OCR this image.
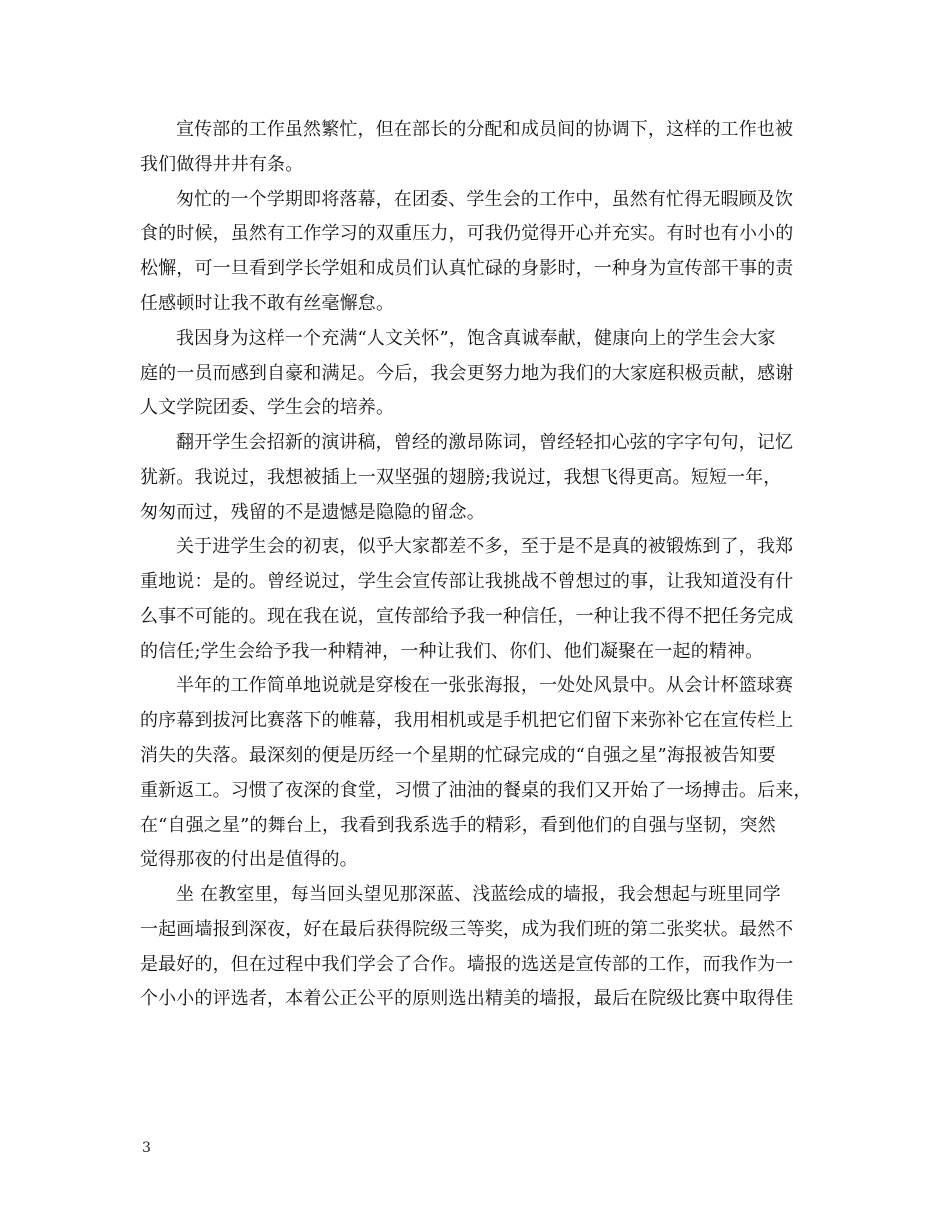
宣传部的工作虽然繁忙，但在部长的分配和成员间的协调下，这样的工作也被
我们做得井井有条。
匆忙的一个学期即将落幕，在团委、学生会的工作中，虽然有忙得无暇顾及饮
食的时候，虽然有工作学习的双重压力，可我仍觉得开心并充实。有时也有小小的
松懈，可一旦看到学长学姐和成员们认真忙碌的身影时，一种身为宣传部干事的责
任感顿时让我不敢有丝毫懈怠。
我因身为这样一个充满“人文关怀”，饱含真诚奉献，健康向上的学生会大家
庭的一员而感到自豪和满足。今后，我会更努力地为我们的大家庭积极贡献，感谢
人文学院团委、学生会的培养。
翻开学生会招新的演讲稿，曾经的激昂陈词，曾经轻扣心弦的字字句句，记忆
犹新。我说过，我想被插上一双坚强的翅膀;我说过，我想飞得更高。短短一年，
匆匆而过，残留的不是遗憾是隐隐的留念。
关于进学生会的初衷，似乎大家都差不多，至于是不是真的被锻炼到了，我郑
重地说：是的。曾经说过，学生会宣传部让我挑战不曾想过的事，让我知道没有什
么事不可能的。现在我在说，宣传部给予我一种信任，一种让我不得不把任务完成
的信任;学生会给予我一种精神，一种让我们、你们、他们凝聚在一起的精神。
半年的工作简单地说就是穿梭在一张张海报，一处处风景中。从会计杯篮球赛
的序幕到拔河比赛落下的帷幕，我用相机或是手机把它们留下来弥补它在宣传栏上
消失的失落。最深刻的便是历经一个星期的忙碌完成的“自强之星”海报被告知要
重新返工。习惯了夜深的食堂，习惯了油油的餐桌的我们又开始了一场搏击。后来，
在“自强之星”的舞台上，我看到我系选手的精彩，看到他们的自强与坚韧，突然
觉得那夜的付出是值得的。
坐 在教室里，每当回头望见那深蓝、浅蓝绘成的墙报，我会想起与班里同学
一起画墙报到深夜，好在最后获得院级三等奖，成为我们班的第二张奖状。最然不
是最好的，但在过程中我们学会了合作。墙报的选送是宣传部的工作，而我作为一
个小小的评选者，本着公正公平的原则选出精美的墙报，最后在院级比赛中取得佳
3
